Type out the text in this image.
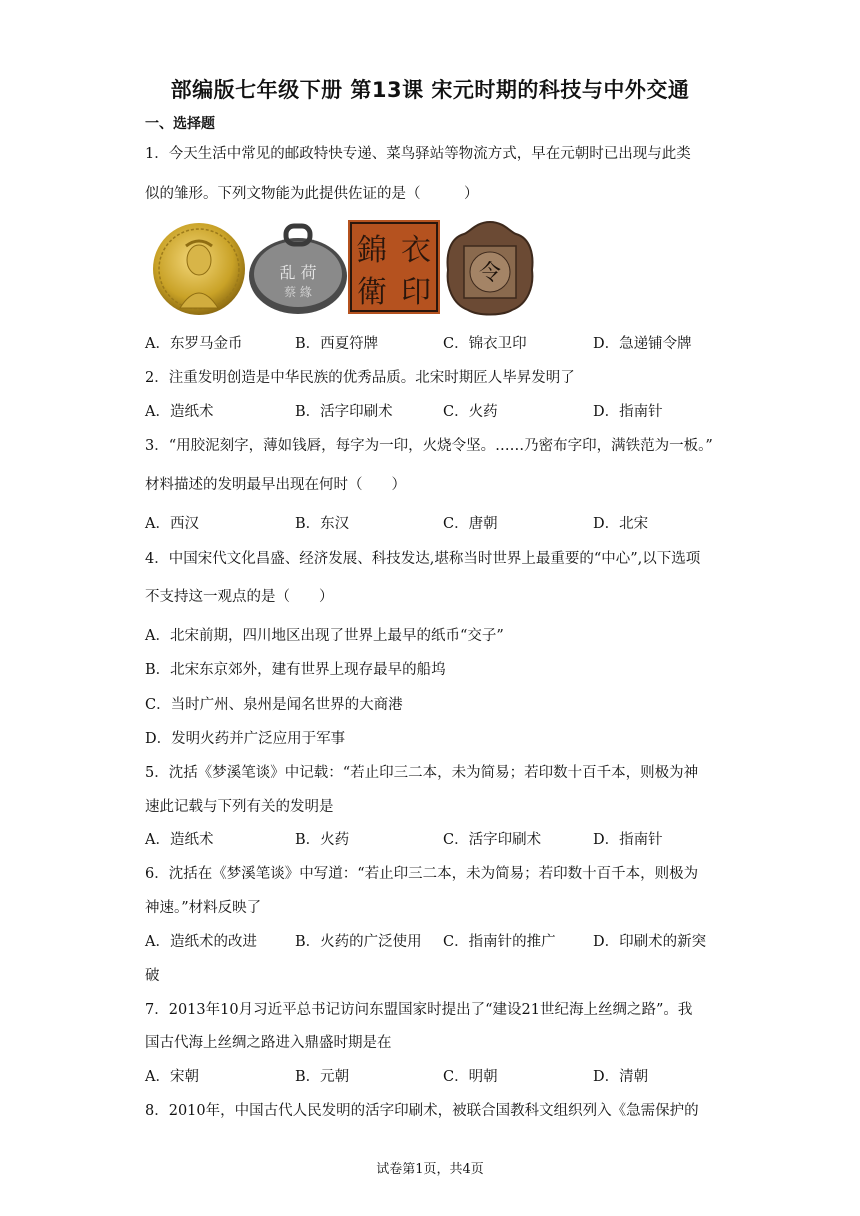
部编版七年级下册 第13课 宋元时期的科技与中外交通
一、选择题
1．今天生活中常见的邮政特快专递、菜鸟驿站等物流方式，早在元朝时已出现与此类
似的雏形。下列文物能为此提供佐证的是（　　　）
乱 荷
蔡 緣
錦 衣
衛 印
令
A．东罗马金币	B．西夏符牌	C．锦衣卫印	D．急递铺令牌
2．注重发明创造是中华民族的优秀品质。北宋时期匠人毕昇发明了
A．造纸术	B．活字印刷术	C．火药	D．指南针
3．“用胶泥刻字，薄如钱唇，每字为一印，火烧令坚。……乃密布字印，满铁范为一板。”
材料描述的发明最早出现在何时（　　）
A．西汉	B．东汉	C．唐朝	D．北宋
4．中国宋代文化昌盛、经济发展、科技发达,堪称当时世界上最重要的“中心”,以下选项
不支持这一观点的是（　　）
A．北宋前期，四川地区出现了世界上最早的纸币“交子”
B．北宋东京郊外，建有世界上现存最早的船坞
C．当时广州、泉州是闻名世界的大商港
D．发明火药并广泛应用于军事
5．沈括《梦溪笔谈》中记载：“若止印三二本，未为简易；若印数十百千本，则极为神
速此记载与下列有关的发明是
A．造纸术	B．火药	C．活字印刷术	D．指南针
6．沈括在《梦溪笔谈》中写道：“若止印三二本，未为简易；若印数十百千本，则极为
神速。”材料反映了
A．造纸术的改进	B．火药的广泛使用 C．指南针的推广	D．印刷术的新突
破
7．2013年10月习近平总书记访问东盟国家时提出了“建设21世纪海上丝绸之路”。我
国古代海上丝绸之路进入鼎盛时期是在
A．宋朝	B．元朝	C．明朝	D．清朝
8．2010年，中国古代人民发明的活字印刷术，被联合国教科文组织列入《急需保护的
试卷第1页，共4页
